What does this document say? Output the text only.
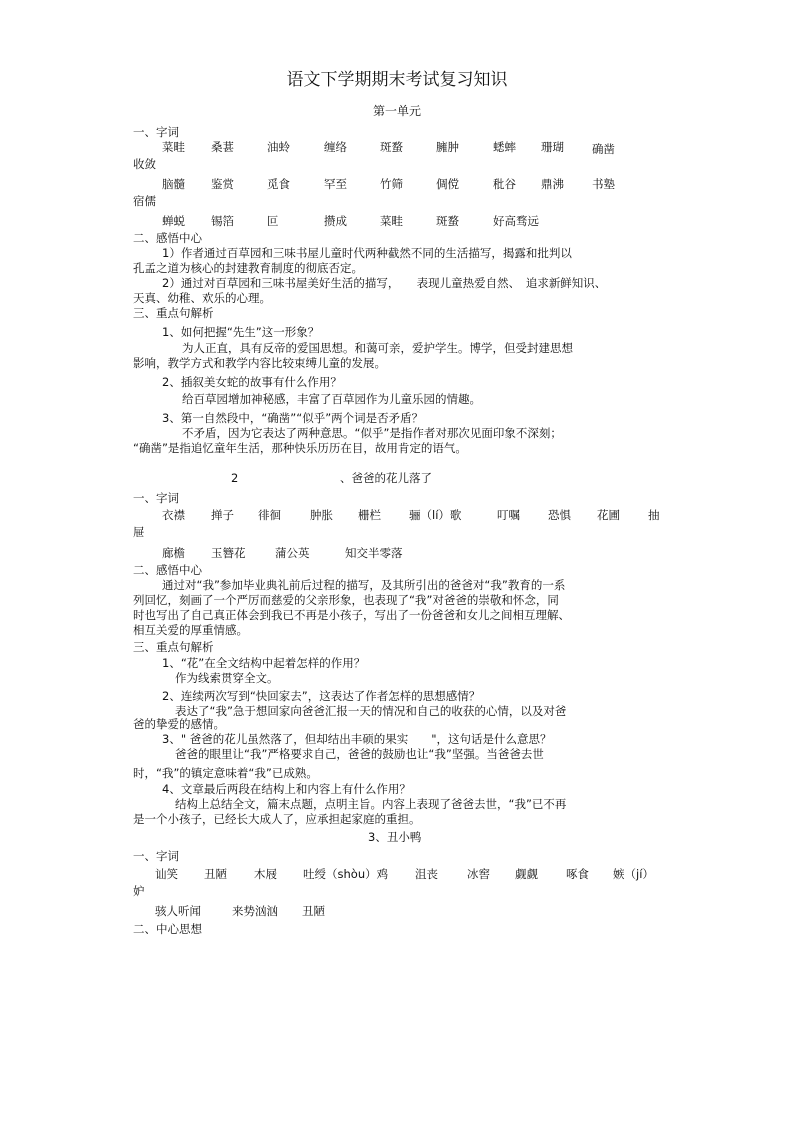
语文下学期期末考试复习知识
第一单元
一、字词
菜畦 桑葚	油蛉	缠络	斑蝥	臃肿	蟋蟀 珊瑚 确凿
收敛
脑髓 鉴赏	觅食	罕至	竹筛	倜傥	秕谷 鼎沸 书塾
宿儒
蝉蜕 锡箔	叵	攒成	菜畦	斑蝥	好高骛远
二、感悟中心
1）作者通过百草园和三味书屋儿童时代两种截然不同的生活描写，揭露和批判以
孔孟之道为核心的封建教育制度的彻底否定。
2）通过对百草园和三味书屋美好生活的描写，　　表现儿童热爱自然、　追求新鲜知识、
天真、幼稚、欢乐的心理。
三、重点句解析
1、如何把握“先生”这一形象？
为人正直，具有反帝的爱国思想。和蔼可亲，爱护学生。博学，但受封建思想
影响，教学方式和教学内容比较束缚儿童的发展。
2、插叙美女蛇的故事有什么作用？
给百草园增加神秘感，丰富了百草园作为儿童乐园的情趣。
3、第一自然段中，“确凿”“似乎”两个词是否矛盾？
不矛盾，因为它表达了两种意思。“似乎”是指作者对那次见面印象不深刻；
“确凿”是指追忆童年生活，那种快乐历历在目，故用肯定的语气。
2	、爸爸的花儿落了
一、字词
衣襟 掸子 徘徊	肿胀 栅栏 骊（lí）歌	叮嘱 恐惧 花圃 抽
屉
廊檐 玉簪花	蒲公英	知交半零落
二、感悟中心
通过对“我”参加毕业典礼前后过程的描写，及其所引出的爸爸对“我”教育的一系
列回忆，刻画了一个严厉而慈爱的父亲形象，也表现了“我”对爸爸的崇敬和怀念，同
时也写出了自己真正体会到我已不再是小孩子，写出了一份爸爸和女儿之间相互理解、
相互关爱的厚重情感。
三、重点句解析
1、“花”在全文结构中起着怎样的作用？
作为线索贯穿全文。
2、连续两次写到“快回家去”，这表达了作者怎样的思想感情？
表达了“我”急于想回家向爸爸汇报一天的情况和自己的收获的心情，以及对爸
爸的挚爱的感情。
3、" 爸爸的花儿虽然落了，但却结出丰硕的果实　　"，这句话是什么意思？
爸爸的眼里让“我”严格要求自己，爸爸的鼓励也让“我”坚强。当爸爸去世
时，“我”的镇定意味着“我”已成熟。
4、文章最后两段在结构上和内容上有什么作用？
结构上总结全文，篇末点题，点明主旨。内容上表现了爸爸去世，“我”已不再
是一个小孩子，已经长大成人了，应承担起家庭的重担。
3、丑小鸭
一、字词
讪笑 丑陋 木屐 吐绶（shòu）鸡 沮丧	冰窖 觑觑 啄食 嫉（jí）
妒
骇人听闻	来势汹汹 丑陋
二、中心思想
